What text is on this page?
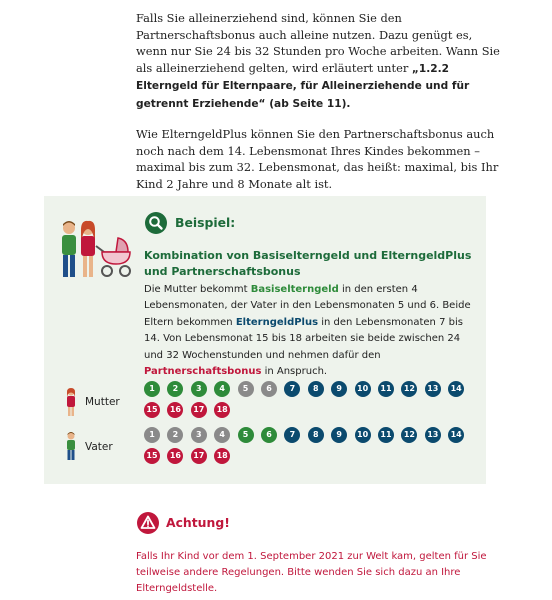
Falls Sie alleinerziehend sind, können Sie den Partnerschaftsbonus auch alleine nutzen. Dazu genügt es, wenn nur Sie 24 bis 32 Stunden pro Woche arbeiten. Wann Sie als alleinerziehend gelten, wird erläutert unter „1.2.2 Elterngeld für Elternpaare, für Alleinerziehende und für getrennt Erziehende“ (ab Seite 11).

Wie ElterngeldPlus können Sie den Partnerschaftsbonus auch noch nach dem 14. Lebensmonat Ihres Kindes bekommen – maximal bis zum 32. Lebensmonat, das heißt: maximal, bis Ihr Kind 2 Jahre und 8 Monate alt ist.

Beispiel:
Kombination von Basiselterngeld und ElterngeldPlus und Partnerschaftsbonus
Die Mutter bekommt Basiselterngeld in den ersten 4 Lebensmonaten, der Vater in den Lebensmonaten 5 und 6. Beide Eltern bekommen ElterngeldPlus in den Lebensmonaten 7 bis 14. Von Lebensmonat 15 bis 18 arbeiten sie beide zwischen 24 und 32 Wochenstunden und nehmen dafür den Partnerschaftsbonus in Anspruch.
Mutter
1	2	3	4	5	6	7	8	9	10	11	12	13	14
15	16	17	18
Vater
1	2	3	4	5	6	7	8	9	10	11	12	13	14
15	16	17	18
Achtung!
Falls Ihr Kind vor dem 1. September 2021 zur Welt kam, gelten für Sie teilweise andere Regelungen. Bitte wenden Sie sich dazu an Ihre Elterngeldstelle.
